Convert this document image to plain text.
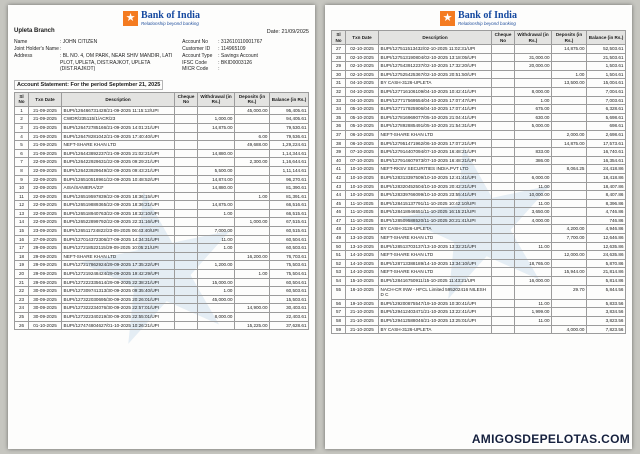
★ Bank of India
Relationship beyond banking
Upleta Branch	Date: 21/09/2025
Name	: JOHN CITIZEN
Joint Holder's Name :
Address	: BL NO. 4, OM PARK, NEAR SHIV MANDIR, LATI PLOT, UPLETA, DIST.RAJKOT, UPLETA (DIST.RAJKOT)
Account No	: 312610110001767
Customer ID	: 114965109
Account Type	: Savings Account
IFSC Code	: BKID0003126
MICR Code	:
Account Statement: For the period September 21, 2025
Sl No	Txn Date	Description	Cheque No	Withdrawal (in Rs.)	Deposits (in Rs.)	Balance (in Rs.)
1	21-09-2025	BUPI/126466731428/21-09-2025 11:15:12/UPI			45,000.00	95,405.61
2	21-09-2025	CWDR/235115/1/ACR/23		1,000.00		94,405.61
3	21-09-2025	BUPI/126472785166/21-09-2025 14:01:21/UPI		14,875.00		79,530.61
4	21-09-2025	BUPI/126478281042/21-09-2025 17:40:40/UPI			6.00	79,536.61
5	21-09-2025	NEFT-SHARE KHAN LTD			49,688.00	1,29,224.61
6	21-09-2025	BUPI/126443892237/21-09-2025 21:02:21/UPI		14,880.00		1,14,344.61
7	22-09-2025	BUPI/126422929631/22-09-2025 09:29:21/UPI			2,300.00	1,16,644.61
8	22-09-2025	BUPI/126423929649/22-09-2025 09:43:21/UPI		5,500.00		1,11,144.61
9	22-09-2025	BUPI/126510518961/22-09-2025 10:48:52/UPI		14,874.00		96,270.61
10	22-09-2025	AISA/SANIERA/23*		14,880.00		81,390.61
11	22-09-2025	BUPI/126519597839/22-09-2025 18:36:15/UPI			1.00	81,391.61
12	22-09-2025	BUPI/126519889365/22-09-2025 18:36:21/UPI		14,875.00		66,516.61
13	22-09-2025	BUPI/126518940763/22-09-2025 18:32:10/UPI		1.00		66,515.61
14	22-09-2025	BUPI/126522899792/22-09-2025 22:31:16/UPI			1,000.00	67,515.61
15	23-09-2025	BUPI/126511724822/23-09-2025 06:43:40/UPI		7,000.00		60,515.61
16	27-09-2025	BUPI/127014372306/27-09-2025 14:34:31/UPI		11.00		60,504.61
17	29-09-2025	BUPI/127218522115/29-09-2025 10:05:21/UPI		1.00		60,503.61
18	29-09-2025	NEFT-SHARE KHAN LTD			16,200.00	76,703.61
19	29-09-2025	BUPI/127217862924/29-09-2025 17:35:22/UPI		1,200.00		75,503.61
20	29-09-2025	BUPI/127219248424/29-09-2025 19:42:29/UPI			1.00	75,504.61
21	29-09-2025	BUPI/127222335614/29-09-2025 22:38:21/UPI		15,000.00		60,504.61
22	30-09-2025	BUPI/127309741313/30-09-2025 09:35:40/UPI		1.00		60,503.61
23	30-09-2025	BUPI/127322030695/30-09-2025 20:26:01/UPI		45,000.00		15,503.61
24	30-09-2025	BUPI/127322234076/30-09-2025 22:57:01/UPI			14,900.00	30,403.61
25	30-09-2025	BUPI/127322340219/30-09-2025 22:55:01/UPI		8,000.00		22,403.61
26	01-10-2025	BUPI/127474804627/01-10-2025 10:26:21/UPI			15,225.00	37,628.61
★ Bank of India
Relationship beyond banking
Sl No	Txn Date	Description	Cheque No	Withdrawal (in Rs.)	Deposits (in Rs.)	Balance (in Rs.)
27	02-10-2025	BUPI/127511513432/02-10-2025 11:02:31/UPI			14,875.00	52,503.61
28	02-10-2025	BUPI/127513190804/02-10-2025 13:18:05/UPI		31,000.00		21,503.61
29	02-10-2025	BUPI/127543912237/02-10-2025 17:32:20/UPI		20,000.00		1,503.61
30	02-10-2025	BUPI/127525425367/02-10-2025 20:51:50/UPI			1.00	1,504.61
31	04-10-2025	BY CASH-3126-UPLETA			13,500.00	15,004.61
32	04-10-2025	BUPI/127716106109/04-10-2025 10:42:41/UPI		8,000.00		7,004.61
33	04-10-2025	BUPI/127717569554/04-10-2025 17:07:47/UPI		1.00		7,003.61
34	05-10-2025	BUPI/127717925906/04-10-2025 17:07:41/UPI		675.00		6,328.61
35	05-10-2025	BUPI/127816969077/05-10-2025 21:04:41/UPI		630.00		5,698.61
36	05-10-2025	BUPI/127892885491/05-10-2025 21:54:31/UPI		5,000.00		698.61
37	06-10-2025	NEFT-SHARE KHAN LTD			2,000.00	2,698.61
38	06-10-2025	BUPI/127951471962/06-10-2025 17:07:21/UPI			14,875.00	17,573.61
39	07-10-2025	BUPI/127914407094/07-10-2025 16:48:21/UPI		833.00		16,740.61
40	07-10-2025	BUPI/127914607973/07-10-2025 16:48:21/UPI		386.00		16,354.61
41	10-10-2025	NEFT-RKSV SECURITIES INDIA.PVT LTD			8,064.25	24,418.86
42	10-10-2025	BUPI/128313397509/10-10-2025 12:41:41/UPI		6,000.00		18,418.86
43	10-10-2025	BUPI/128320452504/10-10-2025 20:42:21/UPI		11.00		18,407.86
44	10-10-2025	BUPI/128339766099/10-10-2025 23:55:41/UPI		10,000.00		8,407.86
45	11-10-2025	BUPI/128415137791/11-10-2025 10:42:10/UPI		11.00		8,396.86
46	11-10-2025	BUPI/128418946551/11-10-2025 16:15:21/UPI		3,650.00		4,746.86
47	11-10-2025	BUPI/128509588520/11-10-2025 20:21:41/UPI		4,000.00		746.86
48	12-10-2025	BY CASH-3126-UPLETA			4,200.00	4,946.86
49	13-10-2025	NEFT-SHARE KHAN LTD			7,700.00	12,646.86
50	13-10-2025	BUPI/128513703137/13-10-2025 13:32:21/UPI		11.00		12,635.86
51	14-10-2025	NEFT-SHARE KHAN LTD			12,000.00	24,635.86
52	14-10-2025	BUPI/128713388189/14-10-2025 13:34:10/UPI		18,765.00		5,870.86
53	14-10-2025	NEFT-SHARE KHAN LTD			15,944.00	21,814.86
54	15-10-2025	BUPI/128416750911/15-10-2025 11:43:21/UPI		16,000.00		5,814.86
55	16-10-2025	NACH-CR INW - HFCL Limited 595202416 NILESH D C			29.70	5,844.56
56	19-10-2025	BUPI/129200875547/19-10-2025 10:30:41/UPI		11.00		5,833.56
57	21-10-2025	BUPI/129412403471/21-10-2025 13:22:41/UPI		1,999.00		3,834.56
58	21-10-2025	BUPI/129412588046/21-10-2025 13:25:01/UPI		11.00		3,823.56
59	21-10-2025	BY CASH-3126-UPLETA			4,000.00	7,823.56
AMIGOSDEPELOTAS.COM
